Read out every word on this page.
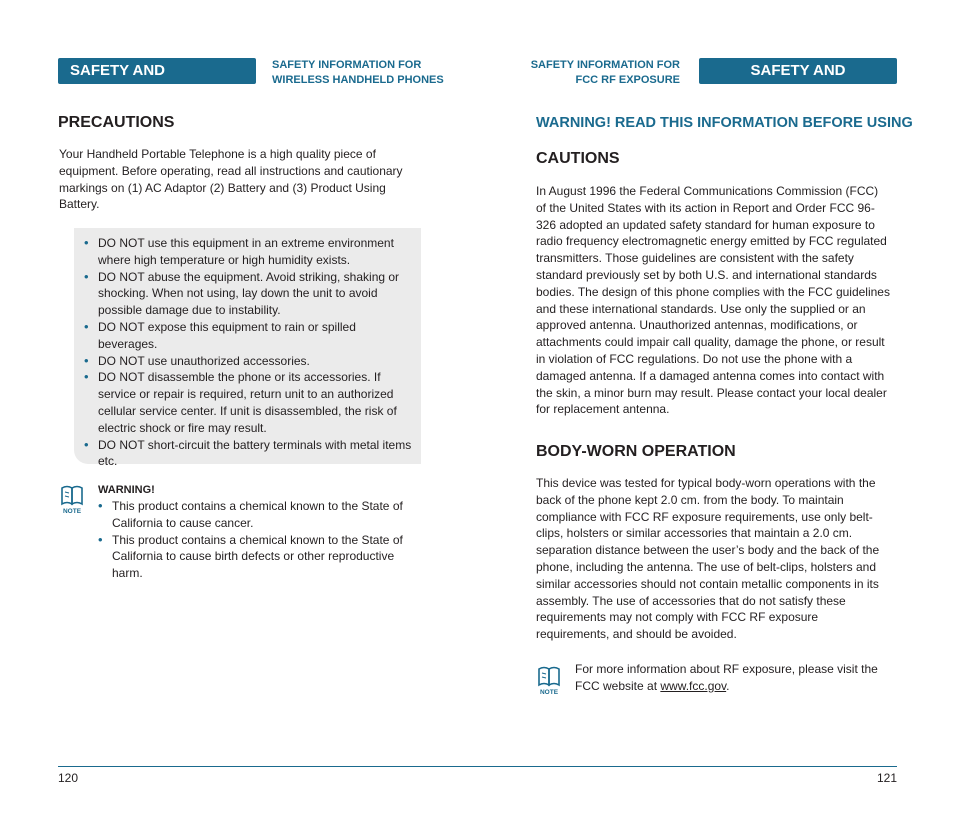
SAFETY AND WARRANTY
SAFETY INFORMATION FOR
WIRELESS HANDHELD PHONES
PRECAUTIONS

Your Handheld Portable Telephone is a high quality piece of equipment. Before operating, read all instructions and cautionary markings on (1) AC Adaptor (2) Battery and (3) Product Using Battery.

• DO NOT use this equipment in an extreme environment where high temperature or high humidity exists.
• DO NOT abuse the equipment. Avoid striking, shaking or shocking. When not using, lay down the unit to avoid possible damage due to instability.
• DO NOT expose this equipment to rain or spilled beverages.
• DO NOT use unauthorized accessories.
• DO NOT disassemble the phone or its accessories. If service or repair is required, return unit to an authorized cellular service center. If unit is disassembled, the risk of electric shock or fire may result.
• DO NOT short-circuit the battery terminals with metal items etc.
NOTE
WARNING!
• This product contains a chemical known to the State of California to cause cancer.
• This product contains a chemical known to the State of California to cause birth defects or other reproductive harm.
120
SAFETY INFORMATION FOR
FCC RF EXPOSURE
SAFETY AND WARRANTY
WARNING! READ THIS INFORMATION BEFORE USING
CAUTIONS

In August 1996 the Federal Communications Commission (FCC) of the United States with its action in Report and Order FCC 96-326 adopted an updated safety standard for human exposure to radio frequency electromagnetic energy emitted by FCC regulated transmitters. Those guidelines are consistent with the safety standard previously set by both U.S. and international standards bodies. The design of this phone complies with the FCC guidelines and these international standards. Use only the supplied or an approved antenna. Unauthorized antennas, modifications, or attachments could impair call quality, damage the phone, or result in violation of FCC regulations. Do not use the phone with a damaged antenna. If a damaged antenna comes into contact with the skin, a minor burn may result. Please contact your local dealer for replacement antenna.

BODY-WORN OPERATION

This device was tested for typical body-worn operations with the back of the phone kept 2.0 cm. from the body. To maintain compliance with FCC RF exposure requirements, use only belt-clips, holsters or similar accessories that maintain a 2.0 cm. separation distance between the user’s body and the back of the phone, including the antenna. The use of belt-clips, holsters and similar accessories should not contain metallic components in its assembly. The use of accessories that do not satisfy these requirements may not comply with FCC RF exposure requirements, and should be avoided.

NOTE
For more information about RF exposure, please visit the FCC website at www.fcc.gov.
121
